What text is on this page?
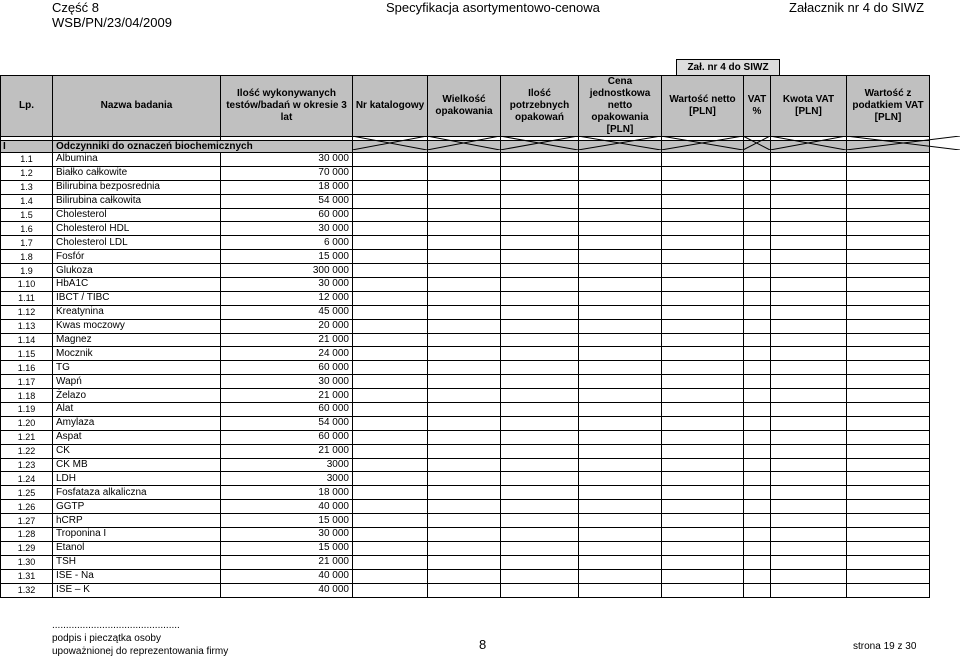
Część 8
WSB/PN/23/04/2009
Specyfikacja asortymentowo-cenowa	Załacznik nr 4 do SIWZ
Zał. nr 4 do SIWZ
Lp.	Nazwa badania	Ilość wykonywanych testów/badań w okresie 3 lat	Nr katalogowy	Wielkość opakowania	Ilość potrzebnych opakowań	Cena jednostkowa netto opakowania [PLN]	Wartość netto [PLN]	VAT %	Kwota VAT [PLN]	Wartość z podatkiem VAT [PLN]

I	Odczynniki do oznaczeń biochemicznych									
1.1	Albumina	30 000								
1.2	Białko całkowite	70 000								
1.3	Bilirubina bezposrednia	18 000								
1.4	Bilirubina całkowita	54 000								
1.5	Cholesterol	60 000								
1.6	Cholesterol HDL	30 000								
1.7	Cholesterol LDL	6 000								
1.8	Fosfór	15 000								
1.9	Glukoza	300 000								
1.10	HbA1C	30 000								
1.11	IBCT / TIBC	12 000								
1.12	Kreatynina	45 000								
1.13	Kwas moczowy	20 000								
1.14	Magnez	21 000								
1.15	Mocznik	24 000								
1.16	TG	60 000								
1.17	Wapń	30 000								
1.18	Żelazo	21 000								
1.19	Alat	60 000								
1.20	Amylaza	54 000								
1.21	Aspat	60 000								
1.22	CK	21 000								
1.23	CK MB	3000								
1.24	LDH	3000								
1.25	Fosfataza alkaliczna	18 000								
1.26	GGTP	40 000								
1.27	hCRP	15 000								
1.28	Troponina I	30 000								
1.29	Etanol	15 000								
1.30	TSH	21 000								
1.31	ISE - Na	40 000								
1.32	ISE – K	40 000								
..............................................
podpis i pieczątka osoby
upoważnionej do reprezentowania firmy	8	strona 19 z 30
